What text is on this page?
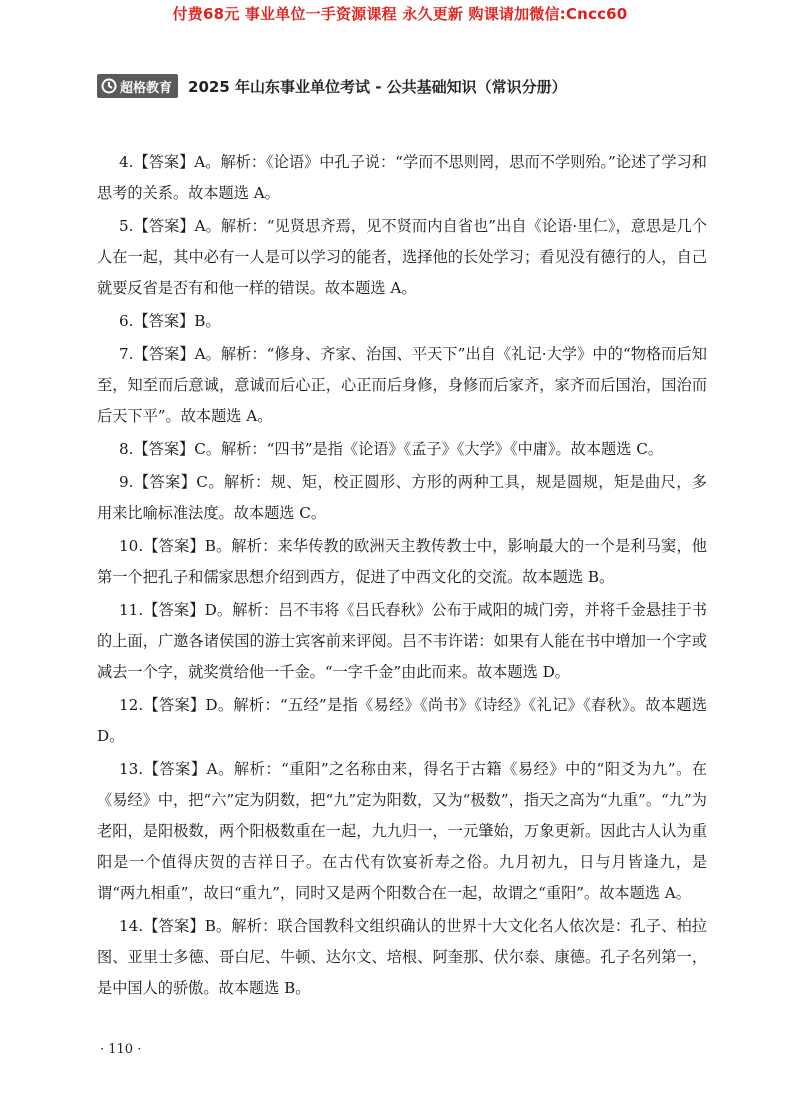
付费68元 事业单位一手资源课程 永久更新 购课请加微信:Cncc60
超格教育 2025 年山东事业单位考试 - 公共基础知识（常识分册）

4.【答案】A。解析：《论语》中孔子说：“学而不思则罔，思而不学则殆。”论述了学习和思考的关系。故本题选 A。

5.【答案】A。解析：“见贤思齐焉，见不贤而内自省也”出自《论语·里仁》，意思是几个人在一起，其中必有一人是可以学习的能者，选择他的长处学习；看见没有德行的人，自己就要反省是否有和他一样的错误。故本题选 A。

6.【答案】B。

7.【答案】A。解析：“修身、齐家、治国、平天下”出自《礼记·大学》中的“物格而后知至，知至而后意诚，意诚而后心正，心正而后身修，身修而后家齐，家齐而后国治，国治而后天下平”。故本题选 A。

8.【答案】C。解析：“四书”是指《论语》《孟子》《大学》《中庸》。故本题选 C。

9.【答案】C。解析：规、矩，校正圆形、方形的两种工具，规是圆规，矩是曲尺，多用来比喻标准法度。故本题选 C。

10.【答案】B。解析：来华传教的欧洲天主教传教士中，影响最大的一个是利马窦，他第一个把孔子和儒家思想介绍到西方，促进了中西文化的交流。故本题选 B。

11.【答案】D。解析：吕不韦将《吕氏春秋》公布于咸阳的城门旁，并将千金悬挂于书的上面，广邀各诸侯国的游士宾客前来评阅。吕不韦许诺：如果有人能在书中增加一个字或减去一个字，就奖赏给他一千金。“一字千金”由此而来。故本题选 D。

12.【答案】D。解析：“五经”是指《易经》《尚书》《诗经》《礼记》《春秋》。故本题选 D。

13.【答案】A。解析：“重阳”之名称由来，得名于古籍《易经》中的“阳爻为九”。在《易经》中，把“六”定为阴数，把“九”定为阳数，又为“极数”，指天之高为“九重”。“九”为老阳，是阳极数，两个阳极数重在一起，九九归一，一元肇始，万象更新。因此古人认为重阳是一个值得庆贺的吉祥日子。在古代有饮宴祈寿之俗。九月初九，日与月皆逢九，是谓“两九相重”，故曰“重九”，同时又是两个阳数合在一起，故谓之“重阳”。故本题选 A。

14.【答案】B。解析：联合国教科文组织确认的世界十大文化名人依次是：孔子、柏拉图、亚里士多德、哥白尼、牛顿、达尔文、培根、阿奎那、伏尔泰、康德。孔子名列第一，是中国人的骄傲。故本题选 B。

· 110 ·
